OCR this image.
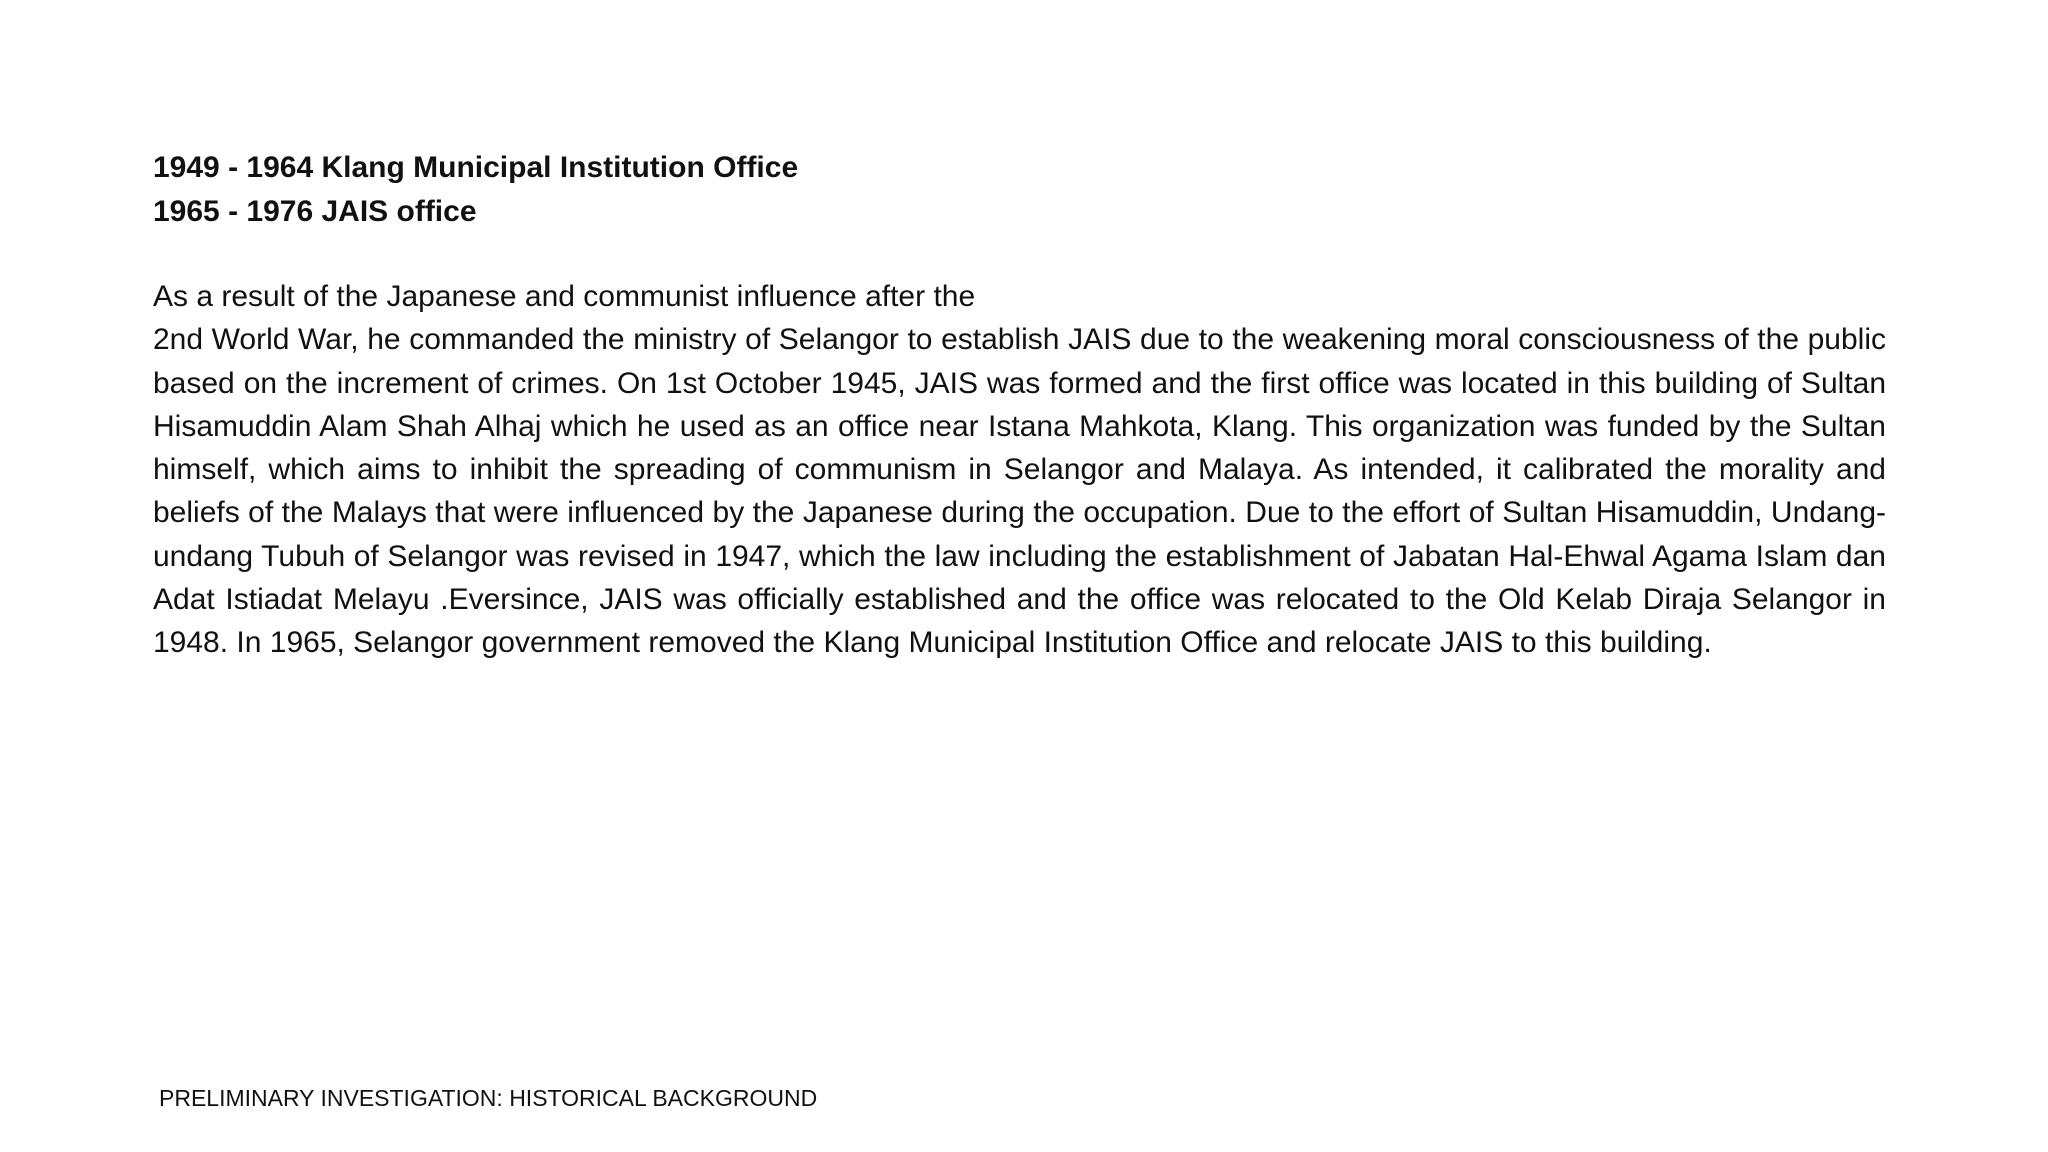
1949 - 1964 Klang Municipal Institution Office
1965 - 1976 JAIS office
As a result of the Japanese and communist influence after the

2nd World War, he commanded the ministry of Selangor to establish JAIS due to the weakening moral consciousness of the public based on the increment of crimes. On 1st October 1945, JAIS was formed and the first office was located in this building of Sultan Hisamuddin Alam Shah Alhaj which he used as an office near Istana Mahkota, Klang. This organization was funded by the Sultan himself, which aims to inhibit the spreading of communism in Selangor and Malaya. As intended, it calibrated the morality and beliefs of the Malays that were influenced by the Japanese during the occupation. Due to the effort of Sultan Hisamuddin, Undang-undang Tubuh of Selangor was revised in 1947, which the law including the establishment of Jabatan Hal-Ehwal Agama Islam dan Adat Istiadat Melayu .Eversince, JAIS was officially established and the office was relocated to the Old Kelab Diraja Selangor in 1948. In 1965, Selangor government removed the Klang Municipal Institution Office and relocate JAIS to this building.

PRELIMINARY INVESTIGATION: HISTORICAL BACKGROUND
